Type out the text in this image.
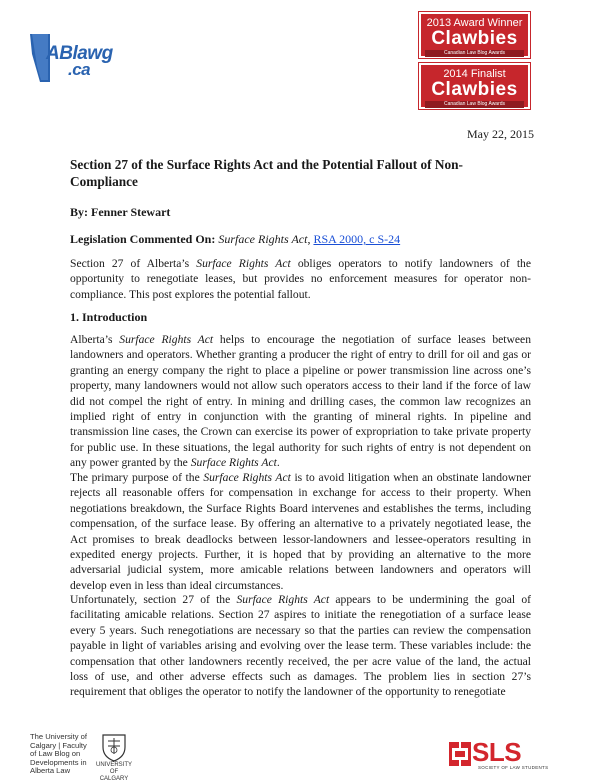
ABlawg
.ca
2013 Award Winner
Clawbies
Canadian Law Blog Awards
2014 Finalist
Clawbies
Canadian Law Blog Awards
May 22, 2015
Section 27 of the Surface Rights Act and the Potential Fallout of Non-Compliance
By: Fenner Stewart
Legislation Commented On: Surface Rights Act, RSA 2000, c S-24
Section 27 of Alberta’s Surface Rights Act obliges operators to notify landowners of the opportunity to renegotiate leases, but provides no enforcement measures for operator non-compliance. This post explores the potential fallout.
1. Introduction
Alberta’s Surface Rights Act helps to encourage the negotiation of surface leases between landowners and operators. Whether granting a producer the right of entry to drill for oil and gas or granting an energy company the right to place a pipeline or power transmission line across one’s property, many landowners would not allow such operators access to their land if the force of law did not compel the right of entry. In mining and drilling cases, the common law recognizes an implied right of entry in conjunction with the granting of mineral rights. In pipeline and transmission line cases, the Crown can exercise its power of expropriation to take private property for public use. In these situations, the legal authority for such rights of entry is not dependent on any power granted by the Surface Rights Act.
The primary purpose of the Surface Rights Act is to avoid litigation when an obstinate landowner rejects all reasonable offers for compensation in exchange for access to their property. When negotiations breakdown, the Surface Rights Board intervenes and establishes the terms, including compensation, of the surface lease. By offering an alternative to a privately negotiated lease, the Act promises to break deadlocks between lessor-landowners and lessee-operators resulting in expedited energy projects. Further, it is hoped that by providing an alternative to the more adversarial judicial system, more amicable relations between landowners and operators will develop even in less than ideal circumstances.
Unfortunately, section 27 of the Surface Rights Act appears to be undermining the goal of facilitating amicable relations. Section 27 aspires to initiate the renegotiation of a surface lease every 5 years. Such renegotiations are necessary so that the parties can review the compensation payable in light of variables arising and evolving over the lease term. These variables include: the compensation that other landowners recently received, the per acre value of the land, the actual loss of use, and other adverse effects such as damages. The problem lies in section 27’s requirement that obliges the operator to notify the landowner of the opportunity to renegotiate
The University of
Calgary | Faculty
of Law Blog on
Developments in
Alberta Law
UNIVERSITY OF
CALGARY
SLS
SOCIETY OF LAW STUDENTS
